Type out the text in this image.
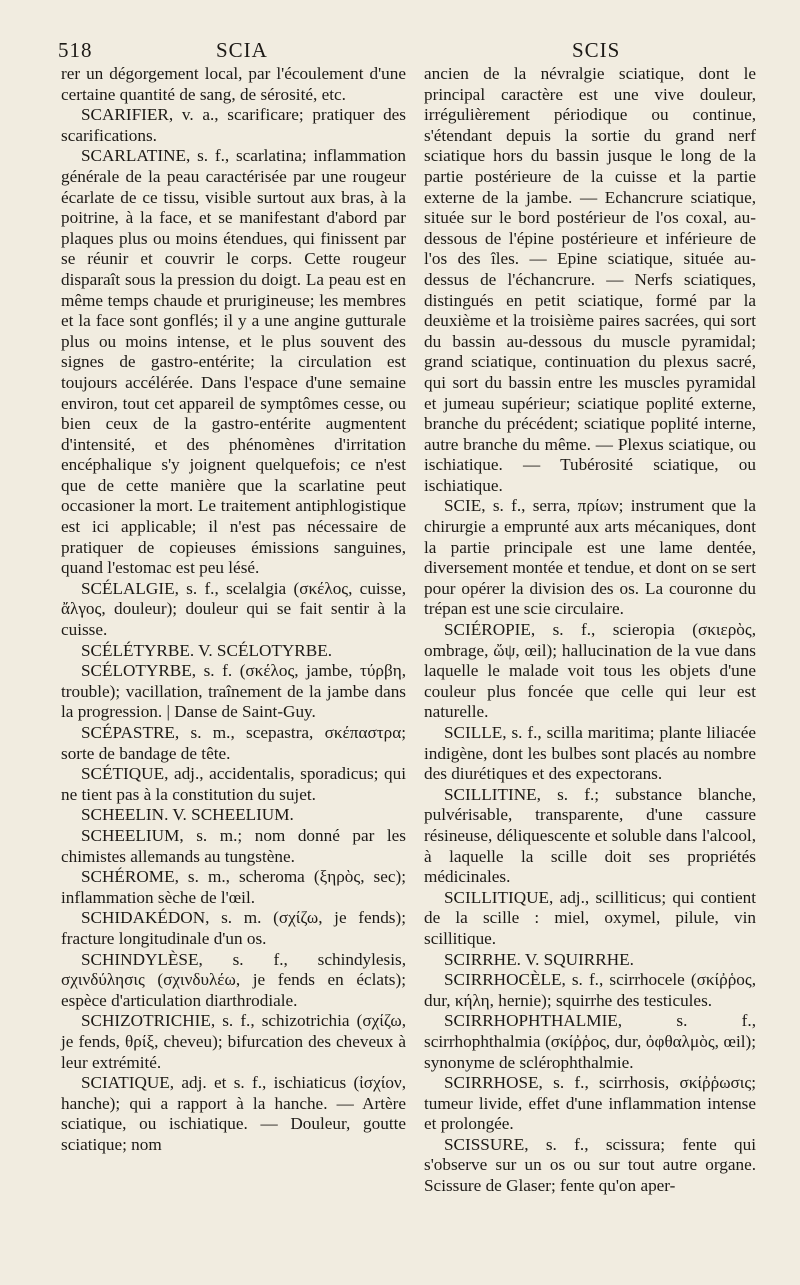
518	SCIA	SCIS

rer un dégorgement local, par l'écoulement d'une certaine quantité de sang, de sérosité, etc.

SCARIFIER, v. a., scarificare; pratiquer des scarifications.

SCARLATINE, s. f., scarlatina; inflammation générale de la peau caractérisée par une rougeur écarlate de ce tissu, visible surtout aux bras, à la poitrine, à la face, et se manifestant d'abord par plaques plus ou moins étendues, qui finissent par se réunir et couvrir le corps. Cette rougeur disparaît sous la pression du doigt. La peau est en même temps chaude et prurigineuse; les membres et la face sont gonflés; il y a une angine gutturale plus ou moins intense, et le plus souvent des signes de gastro-entérite; la circulation est toujours accélérée. Dans l'espace d'une semaine environ, tout cet appareil de symptômes cesse, ou bien ceux de la gastro-entérite augmentent d'intensité, et des phénomènes d'irritation encéphalique s'y joignent quelquefois; ce n'est que de cette manière que la scarlatine peut occasioner la mort. Le traitement antiphlogistique est ici applicable; il n'est pas nécessaire de pratiquer de copieuses émissions sanguines, quand l'estomac est peu lésé.

SCÉLALGIE, s. f., scelalgia (σκέλος, cuisse, ἄλγος, douleur); douleur qui se fait sentir à la cuisse.

SCÉLÉTYRBE. V. SCÉLOTYRBE.

SCÉLOTYRBE, s. f. (σκέλος, jambe, τύρβη, trouble); vacillation, traînement de la jambe dans la progression. | Danse de Saint-Guy.

SCÉPASTRE, s. m., scepastra, σκέπαστρα; sorte de bandage de tête.

SCÉTIQUE, adj., accidentalis, sporadicus; qui ne tient pas à la constitution du sujet.

SCHEELIN. V. SCHEELIUM.

SCHEELIUM, s. m.; nom donné par les chimistes allemands au tungstène.

SCHÉROME, s. m., scheroma (ξηρὸς, sec); inflammation sèche de l'œil.

SCHIDAKÉDON, s. m. (σχίζω, je fends); fracture longitudinale d'un os.

SCHINDYLÈSE, s. f., schindylesis, σχινδύλησις (σχινδυλέω, je fends en éclats); espèce d'articulation diarthrodiale.

SCHIZOTRICHIE, s. f., schizotrichia (σχίζω, je fends, θρίξ, cheveu); bifurcation des cheveux à leur extrémité.

SCIATIQUE, adj. et s. f., ischiaticus (ἰσχίον, hanche); qui a rapport à la hanche. — Artère sciatique, ou ischiatique. — Douleur, goutte sciatique; nom

ancien de la névralgie sciatique, dont le principal caractère est une vive douleur, irrégulièrement périodique ou continue, s'étendant depuis la sortie du grand nerf sciatique hors du bassin jusque le long de la partie postérieure de la cuisse et la partie externe de la jambe. — Echancrure sciatique, située sur le bord postérieur de l'os coxal, au-dessous de l'épine postérieure et inférieure de l'os des îles. — Epine sciatique, située au-dessus de l'échancrure. — Nerfs sciatiques, distingués en petit sciatique, formé par la deuxième et la troisième paires sacrées, qui sort du bassin au-dessous du muscle pyramidal; grand sciatique, continuation du plexus sacré, qui sort du bassin entre les muscles pyramidal et jumeau supérieur; sciatique poplité externe, branche du précédent; sciatique poplité interne, autre branche du même. — Plexus sciatique, ou ischiatique. — Tubérosité sciatique, ou ischiatique.

SCIE, s. f., serra, πρίων; instrument que la chirurgie a emprunté aux arts mécaniques, dont la partie principale est une lame dentée, diversement montée et tendue, et dont on se sert pour opérer la division des os. La couronne du trépan est une scie circulaire.

SCIÉROPIE, s. f., scieropia (σκιερὸς, ombrage, ὤψ, œil); hallucination de la vue dans laquelle le malade voit tous les objets d'une couleur plus foncée que celle qui leur est naturelle.

SCILLE, s. f., scilla maritima; plante liliacée indigène, dont les bulbes sont placés au nombre des diurétiques et des expectorans.

SCILLITINE, s. f.; substance blanche, pulvérisable, transparente, d'une cassure résineuse, déliquescente et soluble dans l'alcool, à laquelle la scille doit ses propriétés médicinales.

SCILLITIQUE, adj., scilliticus; qui contient de la scille : miel, oxymel, pilule, vin scillitique.

SCIRRHE. V. SQUIRRHE.

SCIRRHOCÈLE, s. f., scirrhocele (σκίῤῥος, dur, κήλη, hernie); squirrhe des testicules.

SCIRRHOPHTHALMIE, s. f., scirrhophthalmia (σκίῤῥος, dur, ὀφθαλμὸς, œil); synonyme de sclérophthalmie.

SCIRRHOSE, s. f., scirrhosis, σκίῤῥωσις; tumeur livide, effet d'une inflammation intense et prolongée.

SCISSURE, s. f., scissura; fente qui s'observe sur un os ou sur tout autre organe. Scissure de Glaser; fente qu'on aper-
